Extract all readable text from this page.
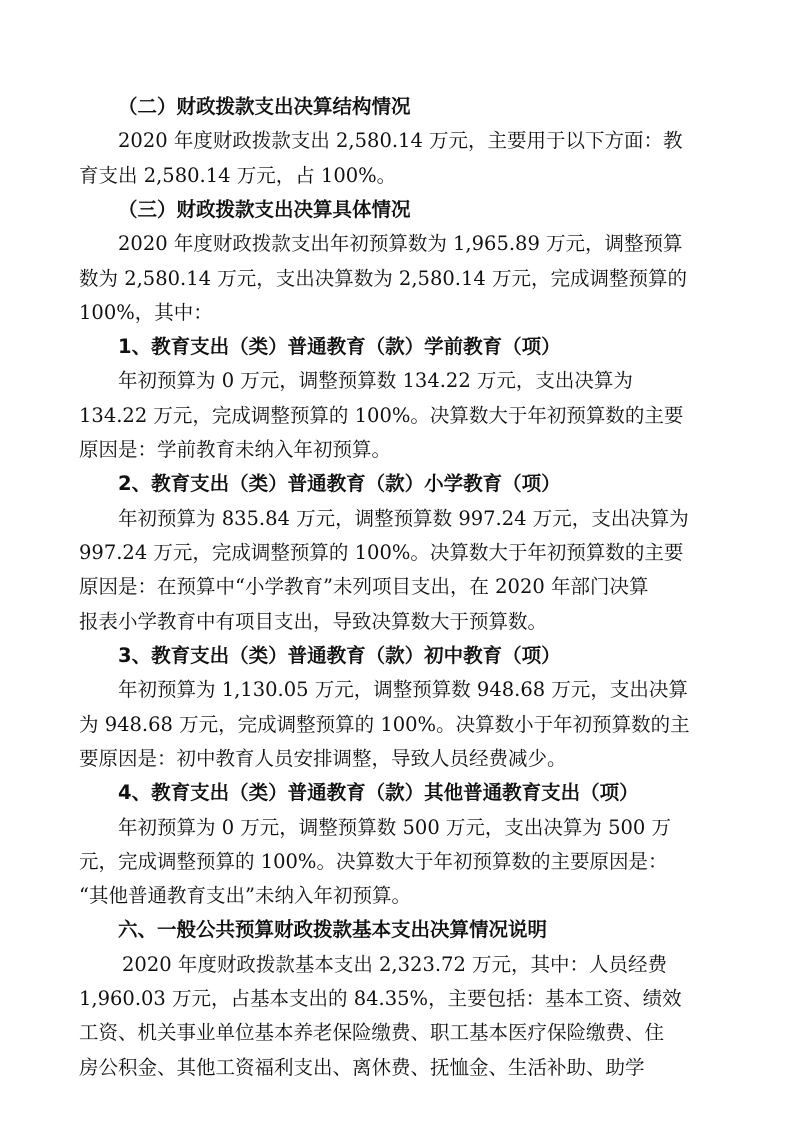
（二）财政拨款支出决算结构情况
2020 年度财政拨款支出 2,580.14 万元，主要用于以下方面：教
育支出 2,580.14 万元，占 100%。
（三）财政拨款支出决算具体情况
2020 年度财政拨款支出年初预算数为 1,965.89 万元，调整预算
数为 2,580.14 万元，支出决算数为 2,580.14 万元，完成调整预算的
100%，其中：
1、教育支出（类）普通教育（款）学前教育（项）
年初预算为 0 万元，调整预算数 134.22 万元，支出决算为
134.22 万元，完成调整预算的 100%。决算数大于年初预算数的主要
原因是：学前教育未纳入年初预算。
2、教育支出（类）普通教育（款）小学教育（项）
年初预算为 835.84 万元，调整预算数 997.24 万元，支出决算为
997.24 万元，完成调整预算的 100%。决算数大于年初预算数的主要
原因是：在预算中“小学教育”未列项目支出，在 2020 年部门决算
报表小学教育中有项目支出，导致决算数大于预算数。
3、教育支出（类）普通教育（款）初中教育（项）
年初预算为 1,130.05 万元，调整预算数 948.68 万元，支出决算
为 948.68 万元，完成调整预算的 100%。决算数小于年初预算数的主
要原因是：初中教育人员安排调整，导致人员经费减少。
4、教育支出（类）普通教育（款）其他普通教育支出（项）
年初预算为 0 万元，调整预算数 500 万元，支出决算为 500 万
元，完成调整预算的 100%。决算数大于年初预算数的主要原因是：
“其他普通教育支出”未纳入年初预算。
六、一般公共预算财政拨款基本支出决算情况说明
2020 年度财政拨款基本支出 2,323.72 万元，其中：人员经费
1,960.03 万元，占基本支出的 84.35%，主要包括：基本工资、绩效
工资、机关事业单位基本养老保险缴费、职工基本医疗保险缴费、住
房公积金、其他工资福利支出、离休费、抚恤金、生活补助、助学
